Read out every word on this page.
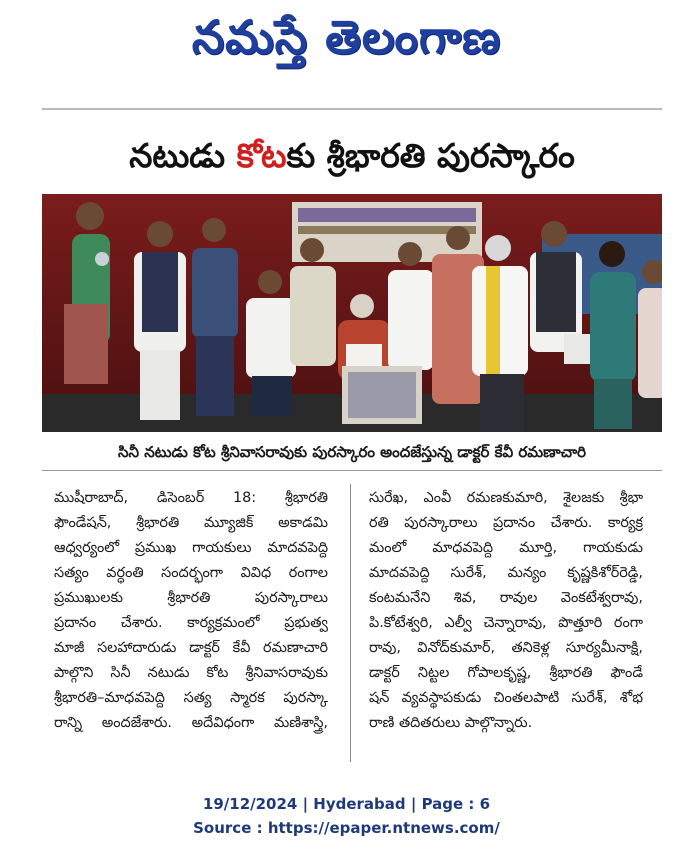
నమస్తే తెలంగాణ
నటుడు కోటకు శ్రీభారతి పురస్కారం
సినీ నటుడు కోట శ్రీనివాసరావుకు పురస్కారం అందజేస్తున్న డాక్టర్ కేవీ రమణాచారి
ముషీరాబాద్, డిసెంబర్ 18: శ్రీభారతి
ఫౌండేషన్, శ్రీభారతి మ్యూజిక్ అకాడమి
ఆధ్వర్యంలో ప్రముఖ గాయకులు మాదవపెద్ది
సత్యం వర్ధంతి సందర్భంగా వివిధ రంగాల
ప్రముఖులకు శ్రీభారతి పురస్కారాలు
ప్రదానం చేశారు. కార్యక్రమంలో ప్రభుత్వ
మాజీ సలహాదారుడు డాక్టర్ కేవీ రమణాచారి
పాల్గొని సినీ నటుడు కోట శ్రీనివాసరావుకు
శ్రీభారతి–మాధవపెద్ది సత్య స్మారక పురస్కా
రాన్ని అందజేశారు. అదేవిధంగా మణిశాస్త్రి,
సురేఖ, ఎంవీ రమణకుమారి, శైలజకు శ్రీభా
రతి పురస్కారాలు ప్రదానం చేశారు. కార్యక్ర
మంలో మాధవపెద్ది మూర్తి, గాయకుడు
మాదవపెద్ది సురేశ్, మన్యం కృష్ణకిశోర్‌రెడ్డి,
కంటమనేని శివ, రావుల వెంకటేశ్వరావు,
పి.కోటేశ్వరి, ఎల్వీ చెన్నారావు, పొత్తూరి రంగా
రావు, వినోద్‌కుమార్, తనికెళ్ల సూర్యమీనాక్షి,
డాక్టర్ నిట్టల గోపాలకృష్ణ, శ్రీభారతి ఫౌండే
షన్ వ్యవస్థాపకుడు చింతలపాటి సురేశ్, శోభ
రాణి తదితరులు పాల్గొన్నారు.
19/12/2024 | Hyderabad | Page : 6
Source : https://epaper.ntnews.com/
